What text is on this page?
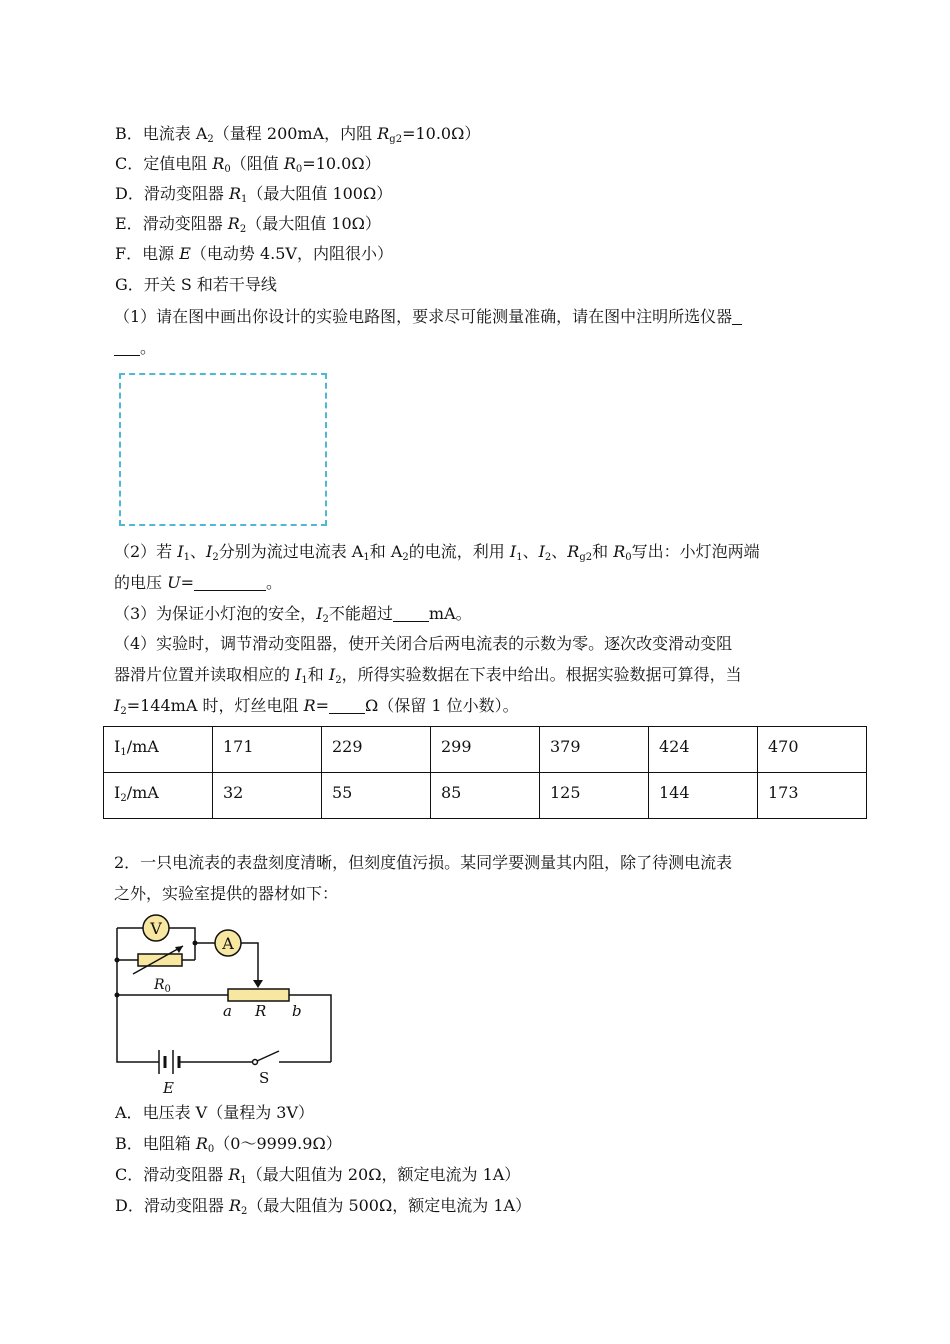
B．电流表 $A_2$（量程 200mA，内阻 $R_{g2}=10.0\Omega$）
C．定值电阻 $R_0$（阻值 $R_0=10.0\Omega$）
D．滑动变阻器 $R_1$（最大阻值 100Ω）
E．滑动变阻器 $R_2$（最大阻值 10Ω）
F．电源 E（电动势 4.5V，内阻很小）
G．开关 S 和若干导线
（1）请在图中画出你设计的实验电路图，要求尽可能测量准确，请在图中注明所选仪器
。
（2）若 $I_1$、$I_2$分别为流过电流表 $A_1$和 $A_2$的电流，利用 $I_1$、$I_2$、$R_{g2}$和 $R_0$写出：小灯泡两端
的电压 U=	。
（3）为保证小灯泡的安全，$I_2$不能超过 mA。
（4）实验时，调节滑动变阻器，使开关闭合后两电流表的示数为零。逐次改变滑动变阻
器滑片位置并读取相应的 $I_1$和 $I_2$，所得实验数据在下表中给出。根据实验数据可算得，当
$I_2=144mA$ 时，灯丝电阻 R= Ω（保留 1 位小数）。
$I_1/mA$	171	229	299	379	424	470
$I_2/mA$	32	55	85	125	144	173
2．一只电流表的表盘刻度清晰，但刻度值污损。某同学要测量其内阻，除了待测电流表
之外，实验室提供的器材如下：
V
A
$R_0$
a R b
E
S
A．电压表 V（量程为 3V）
B．电阻箱 $R_0(0\sim 9999.9\Omega)$
C．滑动变阻器 $R_1$（最大阻值为 20Ω，额定电流为 1A）
D．滑动变阻器 $R_2$（最大阻值为 500Ω，额定电流为 1A）
